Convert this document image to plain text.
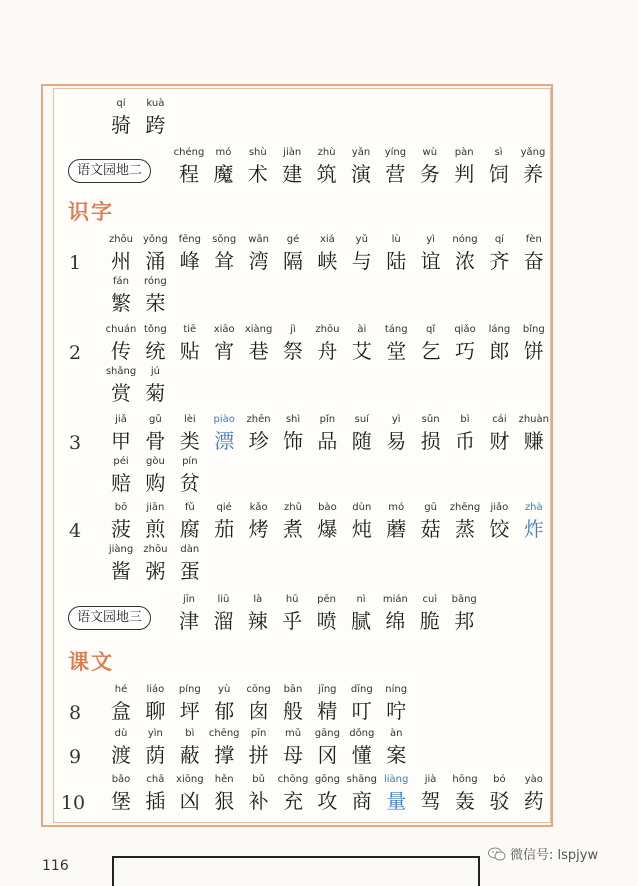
识字
课文
qí
骑
kuà
跨
语文园地二
chéng
程
mó
魔
shù
术
jiàn
建
zhù
筑
yǎn
演
yíng
营
wù
务
pàn
判
sì
饲
yǎng
养
1
zhōu
州
yǒng
涌
fēng
峰
sǒng
耸
wān
湾
gé
隔
xiá
峡
yǔ
与
lù
陆
yì
谊
nóng
浓
qí
齐
fèn
奋
fán
繁
róng
荣
2
chuán
传
tǒng
统
tiē
贴
xiāo
宵
xiàng
巷
jì
祭
zhōu
舟
ài
艾
táng
堂
qǐ
乞
qiǎo
巧
láng
郎
bǐng
饼
shǎng
赏
jú
菊
3
jiǎ
甲
gǔ
骨
lèi
类
piào
漂
zhēn
珍
shì
饰
pǐn
品
suí
随
yì
易
sǔn
损
bì
币
cái
财
zhuàn
赚
péi
赔
gòu
购
pín
贫
4
bō
菠
jiān
煎
fǔ
腐
qié
茄
kǎo
烤
zhǔ
煮
bào
爆
dùn
炖
mó
蘑
gū
菇
zhēng
蒸
jiǎo
饺
zhà
炸
jiàng
酱
zhōu
粥
dàn
蛋
语文园地三
jīn
津
liū
溜
là
辣
hū
乎
pēn
喷
nì
腻
mián
绵
cuì
脆
bāng
邦
8
hé
盒
liáo
聊
píng
坪
yù
郁
cōng
囱
bān
般
jīng
精
dīng
叮
níng
咛
9
dù
渡
yìn
荫
bì
蔽
chēng
撑
pīn
拼
mǔ
母
gāng
冈
dǒng
懂
àn
案
10
bǎo
堡
chā
插
xiōng
凶
hěn
狠
bǔ
补
chōng
充
gōng
攻
shāng
商
liàng
量
jià
驾
hōng
轰
bó
驳
yào
药
116
微信号: lspjyw
